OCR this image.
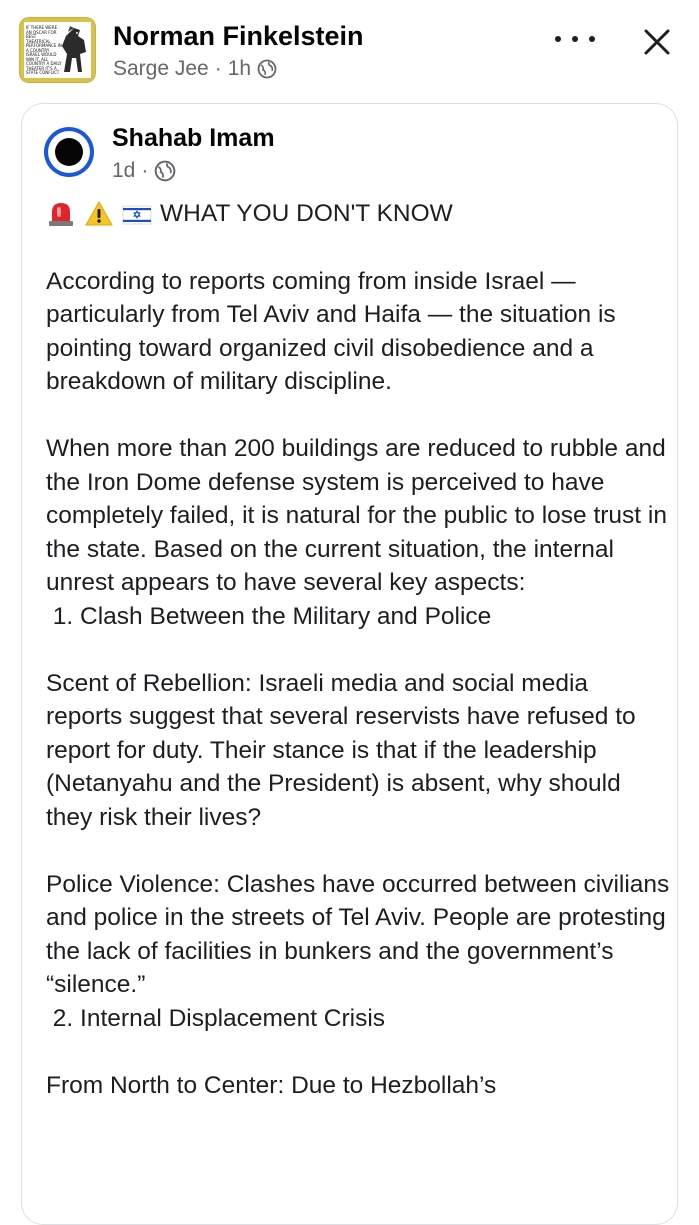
IF THERE WERE AN OSCAR FOR BEST THEATRICAL PERFORMANCE IN A COUNTRY ISRAEL WOULD WIN IT. ALL COUNTRY A DAILY THEATER IT'S A STATE CONFLICT
Norman Finkelstein
Sarge Jee · 1h
Shahab Imam
1d ·
WHAT YOU DON'T KNOW

According to reports coming from inside Israel — particularly from Tel Aviv and Haifa — the situation is pointing toward organized civil disobedience and a breakdown of military discipline.

When more than 200 buildings are reduced to rubble and the Iron Dome defense system is perceived to have completely failed, it is natural for the public to lose trust in the state. Based on the current situation, the internal unrest appears to have several key aspects:

1. Clash Between the Military and Police

Scent of Rebellion: Israeli media and social media reports suggest that several reservists have refused to report for duty. Their stance is that if the leadership (Netanyahu and the President) is absent, why should they risk their lives?

Police Violence: Clashes have occurred between civilians and police in the streets of Tel Aviv. People are protesting the lack of facilities in bunkers and the government’s “silence.”

2. Internal Displacement Crisis

From North to Center: Due to Hezbollah’s
